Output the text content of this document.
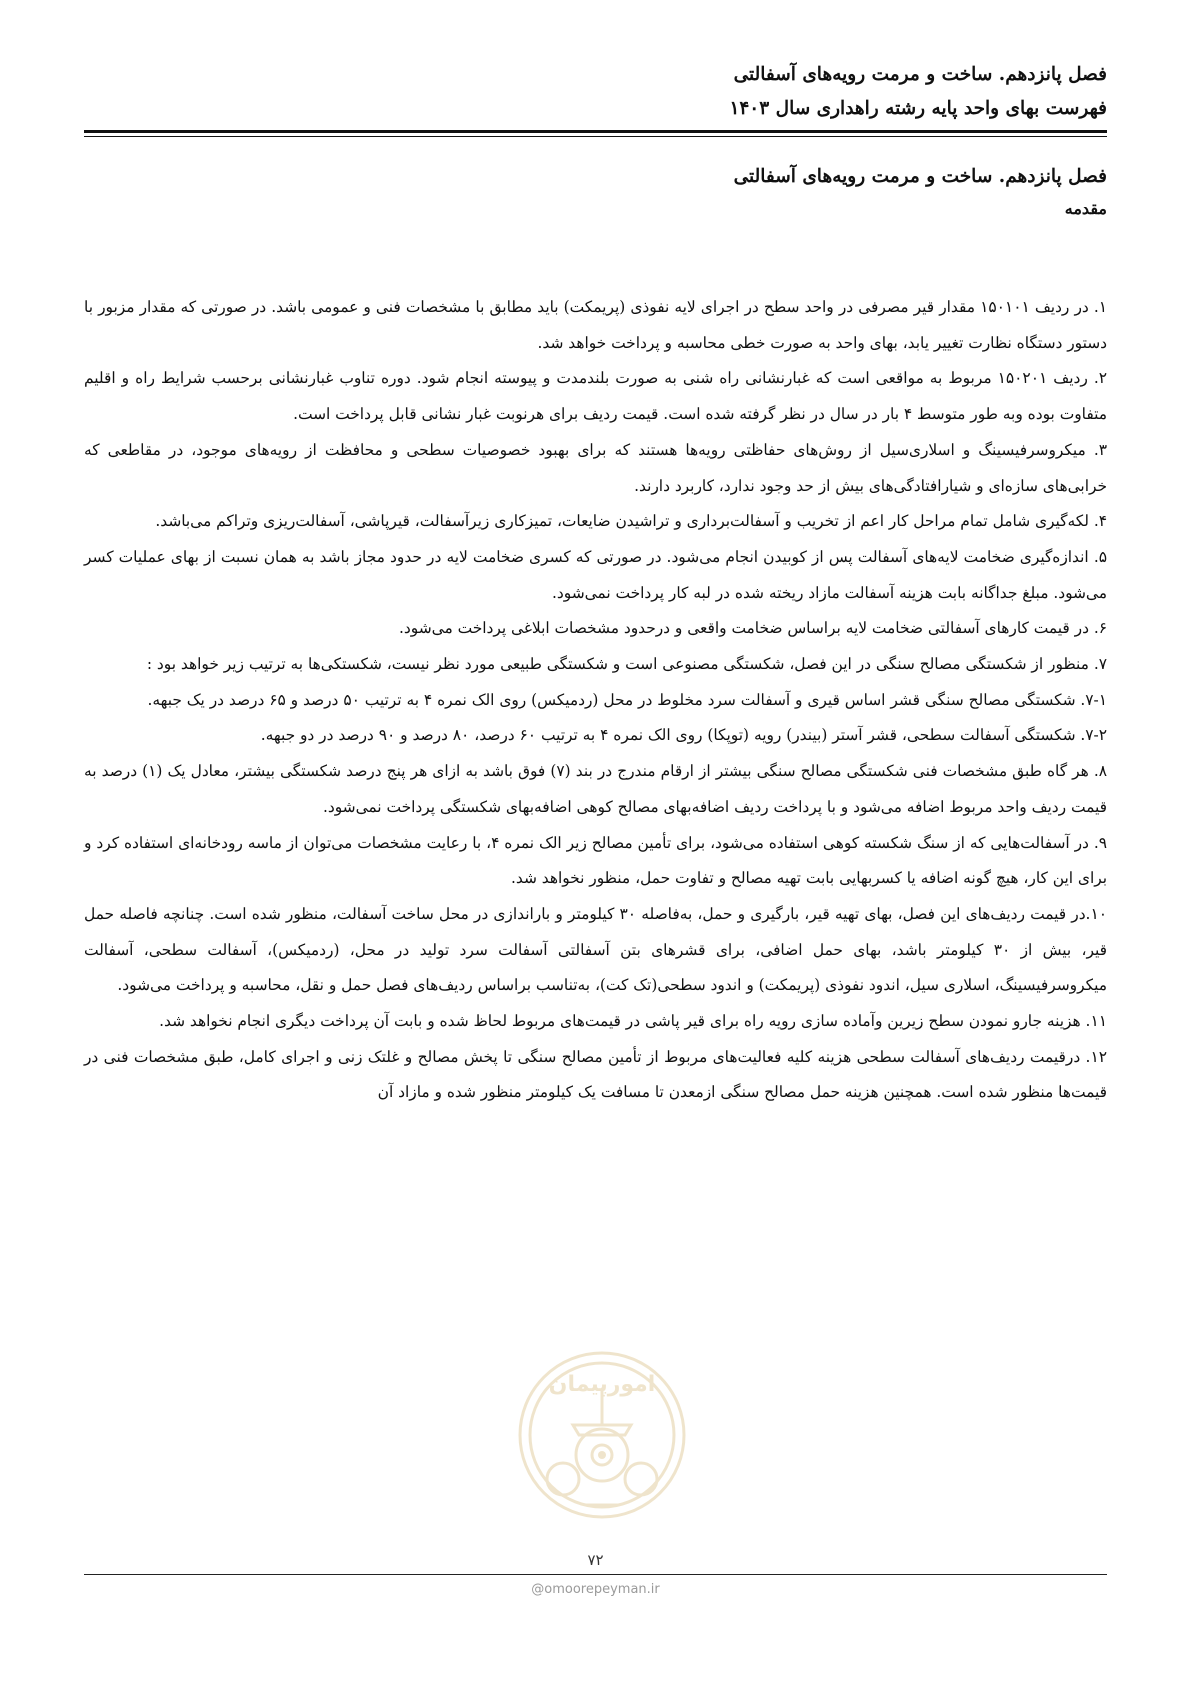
فصل پانزدهم. ساخت و مرمت رویه‌های آسفالتی
فهرست بهای واحد پایه رشته راهداری سال ۱۴۰۳
فصل پانزدهم. ساخت و مرمت رویه‌های آسفالتی
مقدمه

۱. در ردیف ۱۵۰۱۰۱ مقدار قیر مصرفی در واحد سطح در اجرای لایه نفوذی (پریمکت) باید مطابق با مشخصات فنی و عمومی باشد. در صورتی که مقدار مزبور با دستور دستگاه نظارت تغییر یابد، بهای واحد به صورت خطی محاسبه و پرداخت خواهد شد.

۲. ردیف ۱۵۰۲۰۱ مربوط به مواقعی است که غبارنشانی راه شنی به صورت بلندمدت و پیوسته انجام شود. دوره تناوب غبارنشانی برحسب شرایط راه و اقلیم متفاوت بوده وبه طور متوسط ۴ بار در سال در نظر گرفته شده است. قیمت ردیف برای هرنوبت غبار نشانی قابل پرداخت است.

۳. میکروسرفیسینگ و اسلاری‌سیل از روش‌های حفاظتی رویه‌ها هستند که برای بهبود خصوصیات سطحی و محافظت از رویه‌های موجود، در مقاطعی که خرابی‌های سازه‌ای و شیارافتادگی‌های بیش از حد وجود ندارد، کاربرد دارند.

۴. لکه‌گیری شامل تمام مراحل کار اعم از تخریب و آسفالت‌برداری و تراشیدن ضایعات، تمیزکاری زیرآسفالت، قیرپاشی، آسفالت‌ریزی وتراکم می‌باشد.

۵. اندازه‌گیری ضخامت لایه‌های آسفالت پس از کوبیدن انجام می‌شود. در صورتی که کسری ضخامت لایه در حدود مجاز باشد به همان نسبت از بهای عملیات کسر می‌شود. مبلغ جداگانه بابت هزینه آسفالت مازاد ریخته شده در لبه کار پرداخت نمی‌شود.

۶. در قیمت کارهای آسفالتی ضخامت لایه براساس ضخامت واقعی و درحدود مشخصات ابلاغی پرداخت می‌شود.

۷. منظور از شکستگی مصالح سنگی در این فصل، شکستگی مصنوعی است و شکستگی طبیعی مورد نظر نیست، شکستکی‌ها به ترتیب زیر خواهد بود :

۷-۱. شکستگی مصالح سنگی قشر اساس قیری و آسفالت سرد مخلوط در محل (ردمیکس) روی الک نمره ۴ به ترتیب ۵۰ درصد و ۶۵ درصد در یک جبهه.

۷-۲. شکستگی آسفالت سطحی، قشر آستر (بیندر) رویه (توپکا) روی الک نمره ۴ به ترتیب ۶۰ درصد، ۸۰ درصد و ۹۰ درصد در دو جبهه.

۸. هر گاه طبق مشخصات فنی شکستگی مصالح سنگی بیشتر از ارقام مندرج در بند (۷) فوق باشد به ازای هر پنج درصد شکستگی بیشتر، معادل یک (۱) درصد به قیمت ردیف واحد مربوط اضافه می‌شود و با پرداخت ردیف اضافه‌بهای مصالح کوهی اضافه‌بهای شکستگی پرداخت نمی‌شود.

۹. در آسفالت‌هایی که از سنگ شکسته کوهی استفاده می‌شود، برای تأمین مصالح زیر الک نمره ۴، با رعایت مشخصات می‌توان از ماسه رودخانه‌ای استفاده کرد و برای این کار، هیچ گونه اضافه یا کسربهایی بابت تهیه مصالح و تفاوت حمل، منظور نخواهد شد.

۱۰.در قیمت ردیف‌های این فصل، بهای تهیه قیر، بارگیری و حمل، به‌فاصله ۳۰ کیلومتر و باراندازی در محل ساخت آسفالت، منظور شده است. چنانچه فاصله حمل قیر، بیش از ۳۰ کیلومتر باشد، بهای حمل اضافی، برای قشرهای بتن آسفالتی آسفالت سرد تولید در محل، (ردمیکس)، آسفالت سطحی، آسفالت میکروسرفیسینگ، اسلاری سیل، اندود نفوذی (پریمکت) و اندود سطحی(تک کت)، به‌تناسب براساس ردیف‌های فصل حمل و نقل، محاسبه و پرداخت می‌شود.

۱۱. هزینه جارو نمودن سطح زیرین وآماده سازی رویه راه برای قیر پاشی در قیمت‌های مربوط لحاظ شده و بابت آن پرداخت دیگری انجام نخواهد شد.

۱۲. درقیمت ردیف‌های آسفالت سطحی هزینه کلیه فعالیت‌های مربوط از تأمین مصالح سنگی تا پخش مصالح و غلتک زنی و اجرای کامل، طبق مشخصات فنی در قیمت‌ها منظور شده است. همچنین هزینه حمل مصالح سنگی ازمعدن تا مسافت یک کیلومتر منظور شده و مازاد آن

امورپیمان
۷۲
@omoorepeyman.ir
